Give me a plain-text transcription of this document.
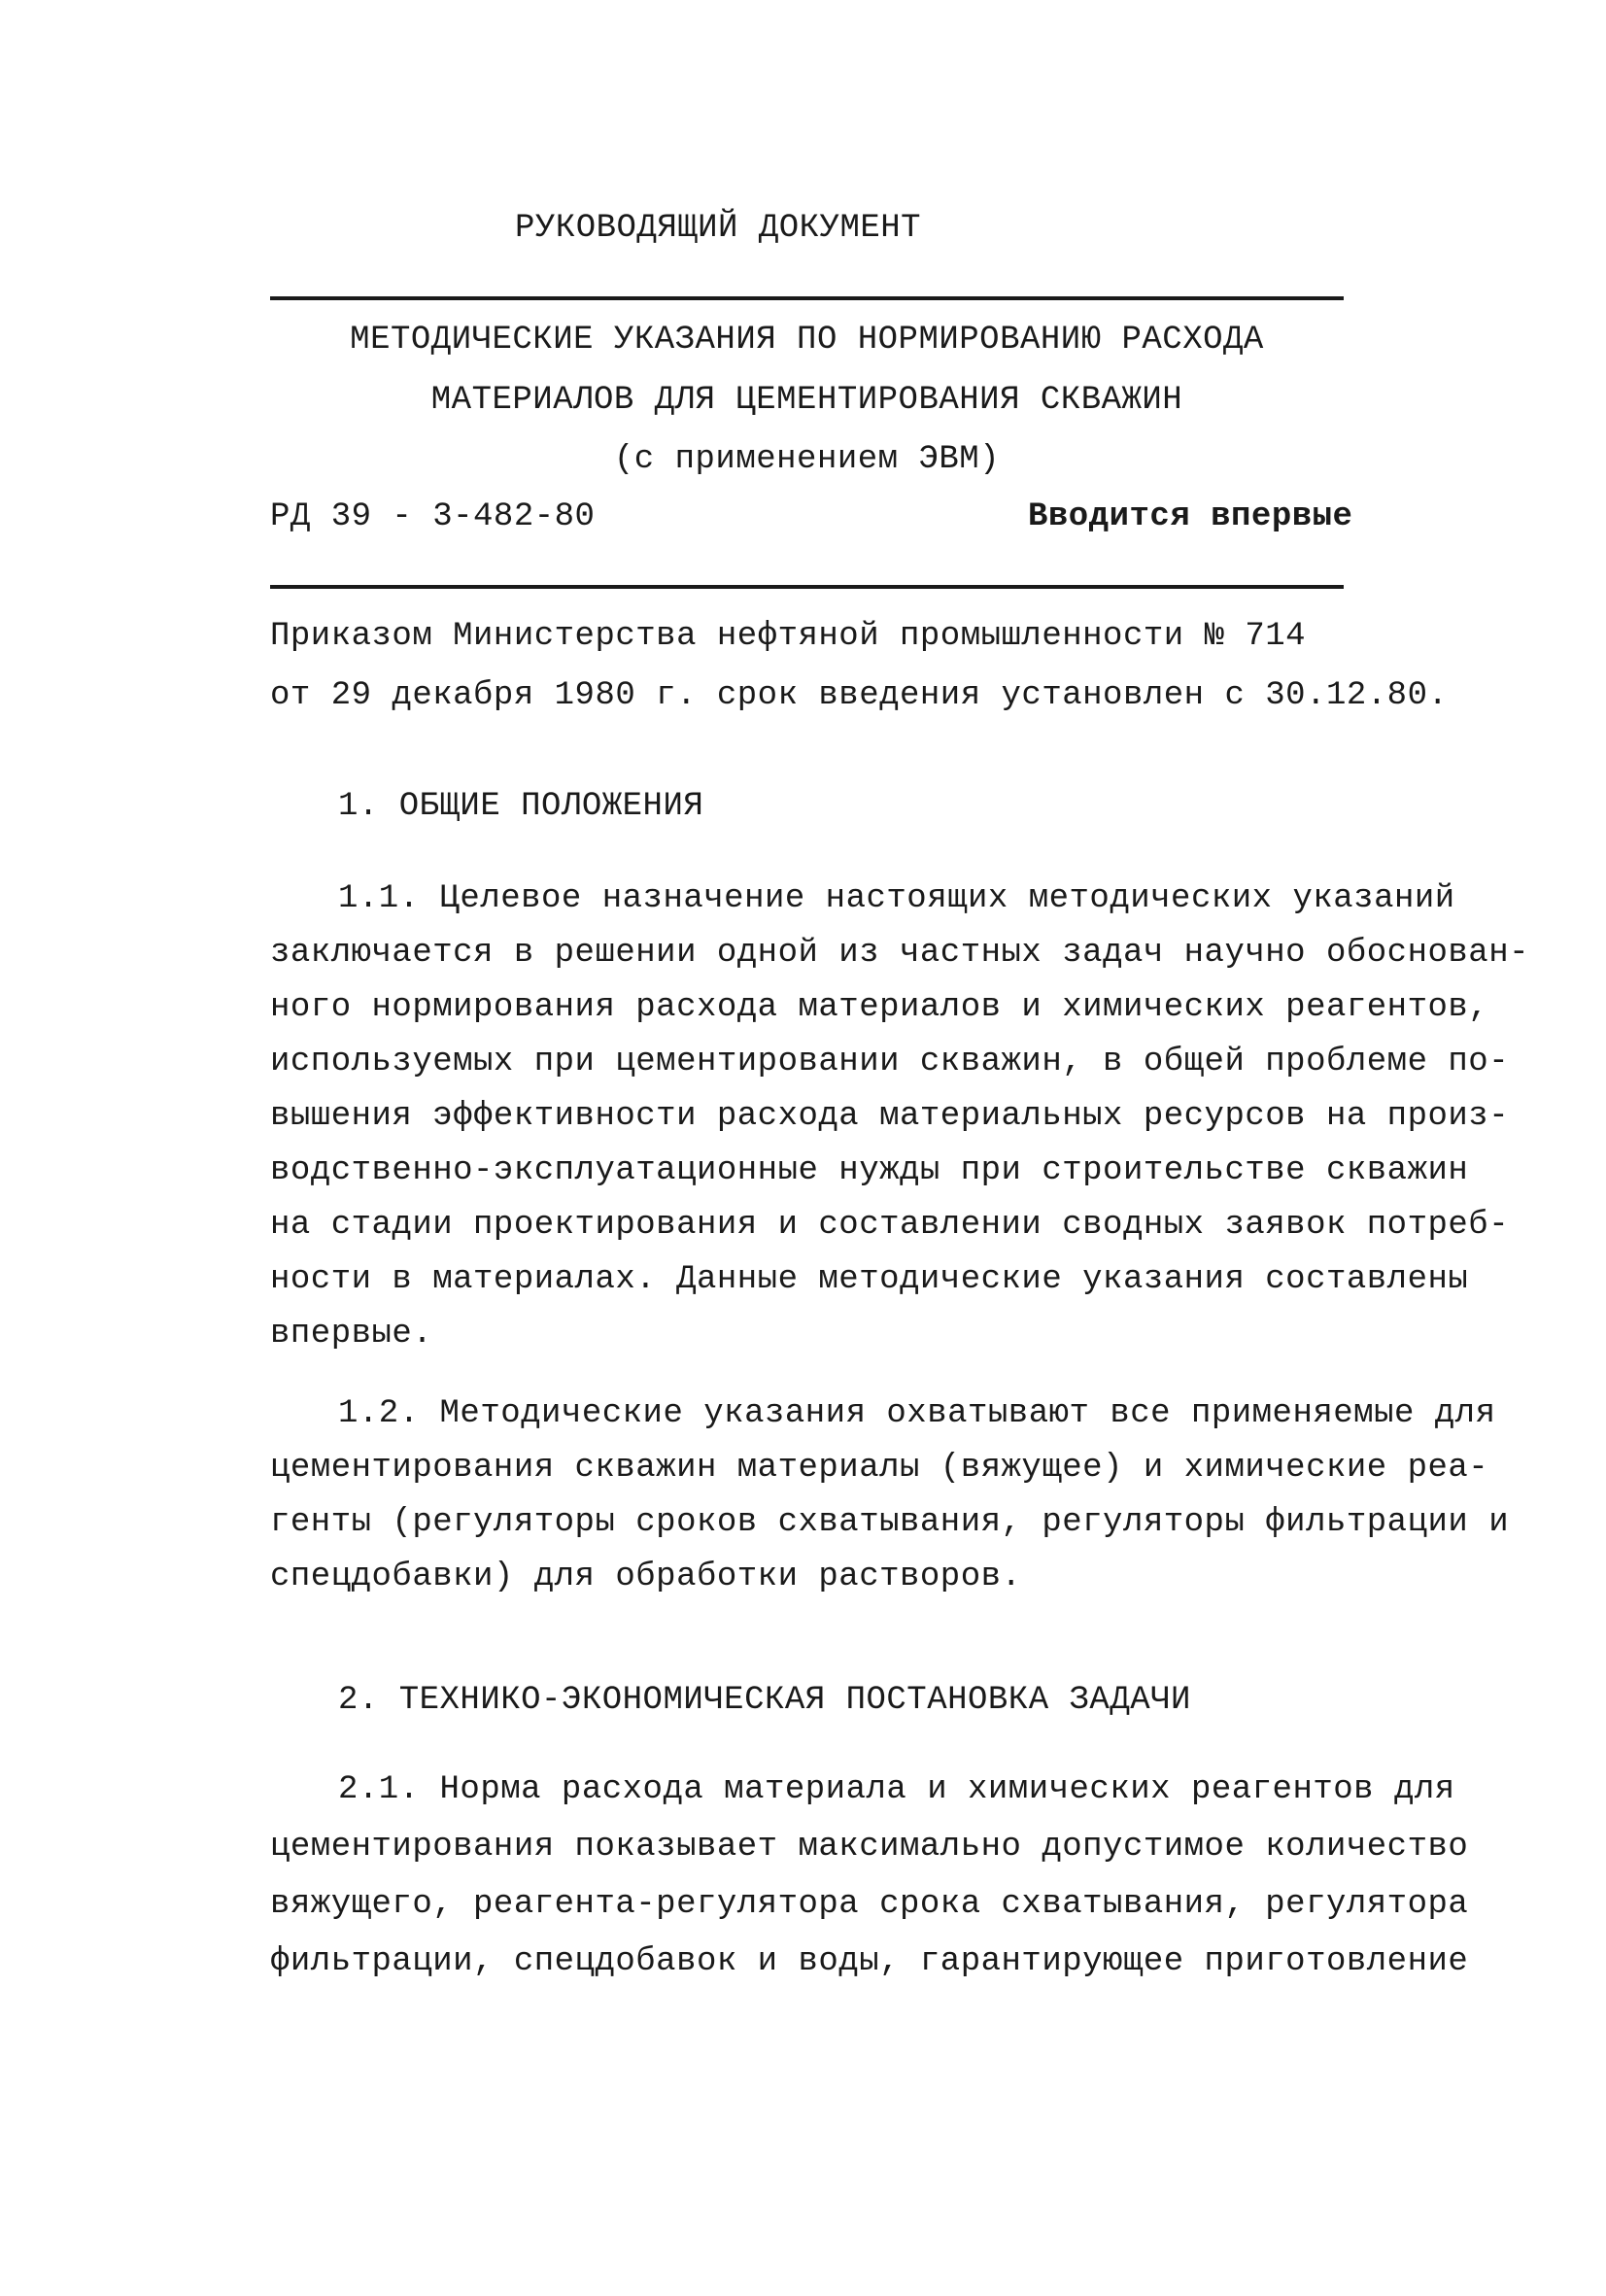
РУКОВОДЯЩИЙ ДОКУМЕНТ
МЕТОДИЧЕСКИЕ УКАЗАНИЯ ПО НОРМИРОВАНИЮ РАСХОДА
МАТЕРИАЛОВ ДЛЯ ЦЕМЕНТИРОВАНИЯ СКВАЖИН
(с применением ЭВМ)
РД 39 - 3-482-80	Вводится впервые
Приказом Министерства нефтяной промышленности № 714
от 29 декабря 1980 г. срок введения установлен с 30.12.80.
1. ОБЩИЕ ПОЛОЖЕНИЯ
1.1. Целевое назначение настоящих методических указаний
заключается в решении одной из частных задач научно обоснован-
ного нормирования расхода материалов и химических реагентов,
используемых при цементировании скважин, в общей проблеме по-
вышения эффективности расхода материальных ресурсов на произ-
водственно-эксплуатационные нужды при строительстве скважин
на стадии проектирования и составлении сводных заявок потреб-
ности в материалах. Данные методические указания составлены
впервые.
1.2. Методические указания охватывают все применяемые для
цементирования скважин материалы (вяжущее) и химические реа-
генты (регуляторы сроков схватывания, регуляторы фильтрации и
спецдобавки) для обработки растворов.
2. ТЕХНИКО-ЭКОНОМИЧЕСКАЯ ПОСТАНОВКА ЗАДАЧИ
2.1. Норма расхода материала и химических реагентов для
цементирования показывает максимально допустимое количество
вяжущего, реагента-регулятора срока схватывания, регулятора
фильтрации, спецдобавок и воды, гарантирующее приготовление
